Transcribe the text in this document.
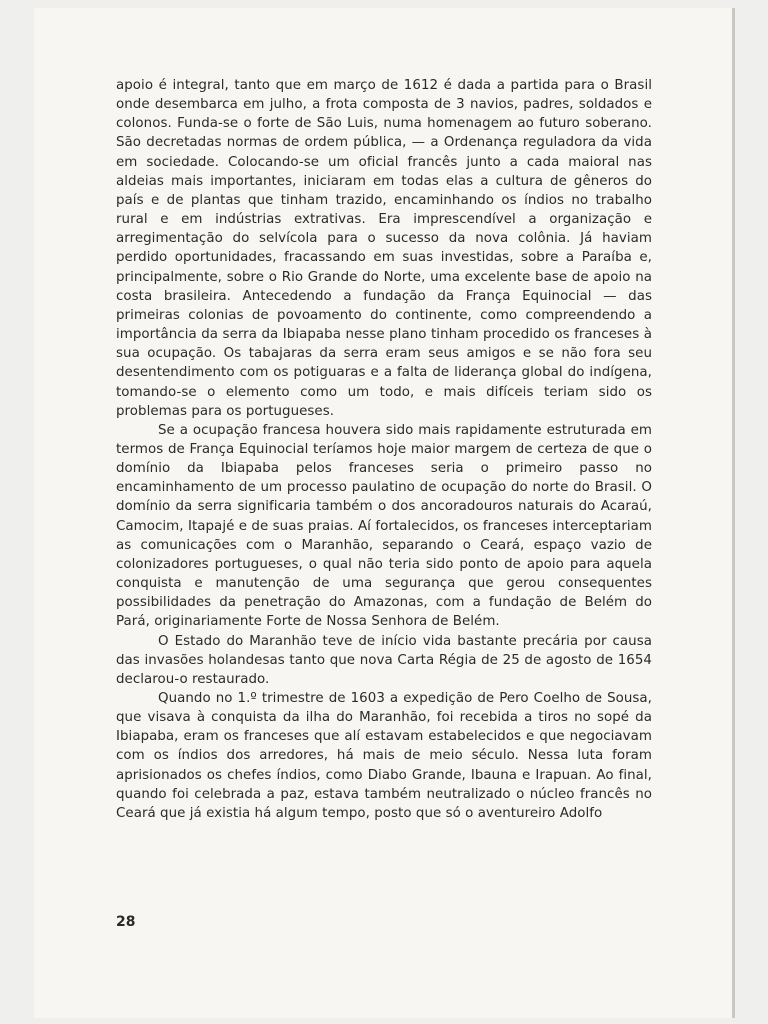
apoio é integral, tanto que em março de 1612 é dada a partida para o Brasil onde desembarca em julho, a frota composta de 3 navios, padres, soldados e colonos. Funda-se o forte de São Luis, numa homenagem ao futuro soberano. São decretadas normas de ordem pública, — a Ordenança reguladora da vida em sociedade. Colocando-se um oficial francês junto a cada maioral nas aldeias mais importantes, iniciaram em todas elas a cultura de gêneros do país e de plantas que tinham trazido, encaminhando os índios no trabalho rural e em indústrias extrativas. Era imprescendível a organização e arregimentação do selvícola para o sucesso da nova colônia. Já haviam perdido oportunidades, fracassando em suas investidas, sobre a Paraíba e, principalmente, sobre o Rio Grande do Norte, uma excelente base de apoio na costa brasileira. Antecedendo a fundação da França Equinocial — das primeiras colonias de povoamento do continente, como compreendendo a importância da serra da Ibiapaba nesse plano tinham procedido os franceses à sua ocupação. Os tabajaras da serra eram seus amigos e se não fora seu desentendimento com os potiguaras e a falta de liderança global do indígena, tomando-se o elemento como um todo, e mais difíceis teriam sido os problemas para os portugueses.

Se a ocupação francesa houvera sido mais rapidamente estruturada em termos de França Equinocial teríamos hoje maior margem de certeza de que o domínio da Ibiapaba pelos franceses seria o primeiro passo no encaminhamento de um processo paulatino de ocupação do norte do Brasil. O domínio da serra significaria também o dos ancoradouros naturais do Acaraú, Camocim, Itapajé e de suas praias. Aí fortalecidos, os franceses interceptariam as comunicações com o Maranhão, separando o Ceará, espaço vazio de colonizadores portugueses, o qual não teria sido ponto de apoio para aquela conquista e manutenção de uma segurança que gerou consequentes possibilidades da penetração do Amazonas, com a fundação de Belém do Pará, originariamente Forte de Nossa Senhora de Belém.

O Estado do Maranhão teve de início vida bastante precária por causa das invasões holandesas tanto que nova Carta Régia de 25 de agosto de 1654 declarou-o restaurado.

Quando no 1.º trimestre de 1603 a expedição de Pero Coelho de Sousa, que visava à conquista da ilha do Maranhão, foi recebida a tiros no sopé da Ibiapaba, eram os franceses que alí estavam estabelecidos e que negociavam com os índios dos arredores, há mais de meio século. Nessa luta foram aprisionados os chefes índios, como Diabo Grande, Ibauna e Irapuan. Ao final, quando foi celebrada a paz, estava também neutralizado o núcleo francês no Ceará que já existia há algum tempo, posto que só o aventureiro Adolfo

28
